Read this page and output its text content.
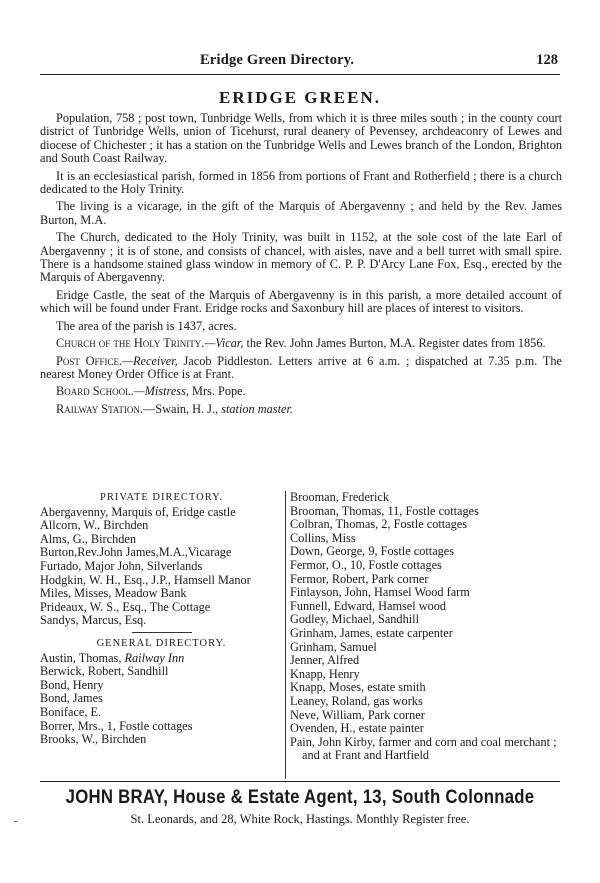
Eridge Green Directory.	128
ERIDGE GREEN.

Population, 758 ; post town, Tunbridge Wells, from which it is three miles south ; in the county court district of Tunbridge Wells, union of Ticehurst, rural deanery of Pevensey, archdeaconry of Lewes and diocese of Chichester ; it has a station on the Tunbridge Wells and Lewes branch of the London, Brighton and South Coast Railway.

It is an ecclesiastical parish, formed in 1856 from portions of Frant and Rotherfield ; there is a church dedicated to the Holy Trinity.

The living is a vicarage, in the gift of the Marquis of Abergavenny ; and held by the Rev. James Burton, M.A.

The Church, dedicated to the Holy Trinity, was built in 1152, at the sole cost of the late Earl of Abergavenny ; it is of stone, and consists of chancel, with aisles, nave and a bell turret with small spire. There is a handsome stained glass window in memory of C. P. P. D'Arcy Lane Fox, Esq., erected by the Marquis of Abergavenny.

Eridge Castle, the seat of the Marquis of Abergavenny is in this parish, a more detailed account of which will be found under Frant. Eridge rocks and Saxonbury hill are places of interest to visitors.

The area of the parish is 1437, acres.

Church of the Holy Trinity.—Vicar, the Rev. John James Burton, M.A. Register dates from 1856.

Post Office.—Receiver, Jacob Piddleston. Letters arrive at 6 a.m. ; dispatched at 7.35 p.m. The nearest Money Order Office is at Frant.

Board School.—Mistress, Mrs. Pope.

Railway Station.—Swain, H. J., station master.

PRIVATE DIRECTORY.
Abergavenny, Marquis of, Eridge castle
Allcorn, W., Birchden
Alms, G., Birchden
Burton,Rev.John James,M.A.,Vicarage
Furtado, Major John, Silverlands
Hodgkin, W. H., Esq., J.P., Hamsell Manor
Miles, Misses, Meadow Bank
Prideaux, W. S., Esq., The Cottage
Sandys, Marcus, Esq.
GENERAL DIRECTORY.
Austin, Thomas, Railway Inn
Berwick, Robert, Sandhill
Bond, Henry
Bond, James
Boniface, E.
Borrer, Mrs., 1, Fostle cottages
Brooks, W., Birchden
Brooman, Frederick
Brooman, Thomas, 11, Fostle cottages
Colbran, Thomas, 2, Fostle cottages
Collins, Miss
Down, George, 9, Fostle cottages
Fermor, O., 10, Fostle cottages
Fermor, Robert, Park corner
Finlayson, John, Hamsel Wood farm
Funnell, Edward, Hamsel wood
Godley, Michael, Sandhill
Grinham, James, estate carpenter
Grinham, Samuel
Jenner, Alfred
Knapp, Henry
Knapp, Moses, estate smith
Leaney, Roland, gas works
Neve, William, Park corner
Ovenden, H., estate painter
Pain, John Kirby, farmer and corn and coal merchant ; and at Frant and Hartfield
JOHN BRAY, House & Estate Agent, 13, South Colonnade
St. Leonards, and 28, White Rock, Hastings. Monthly Register free.
-
